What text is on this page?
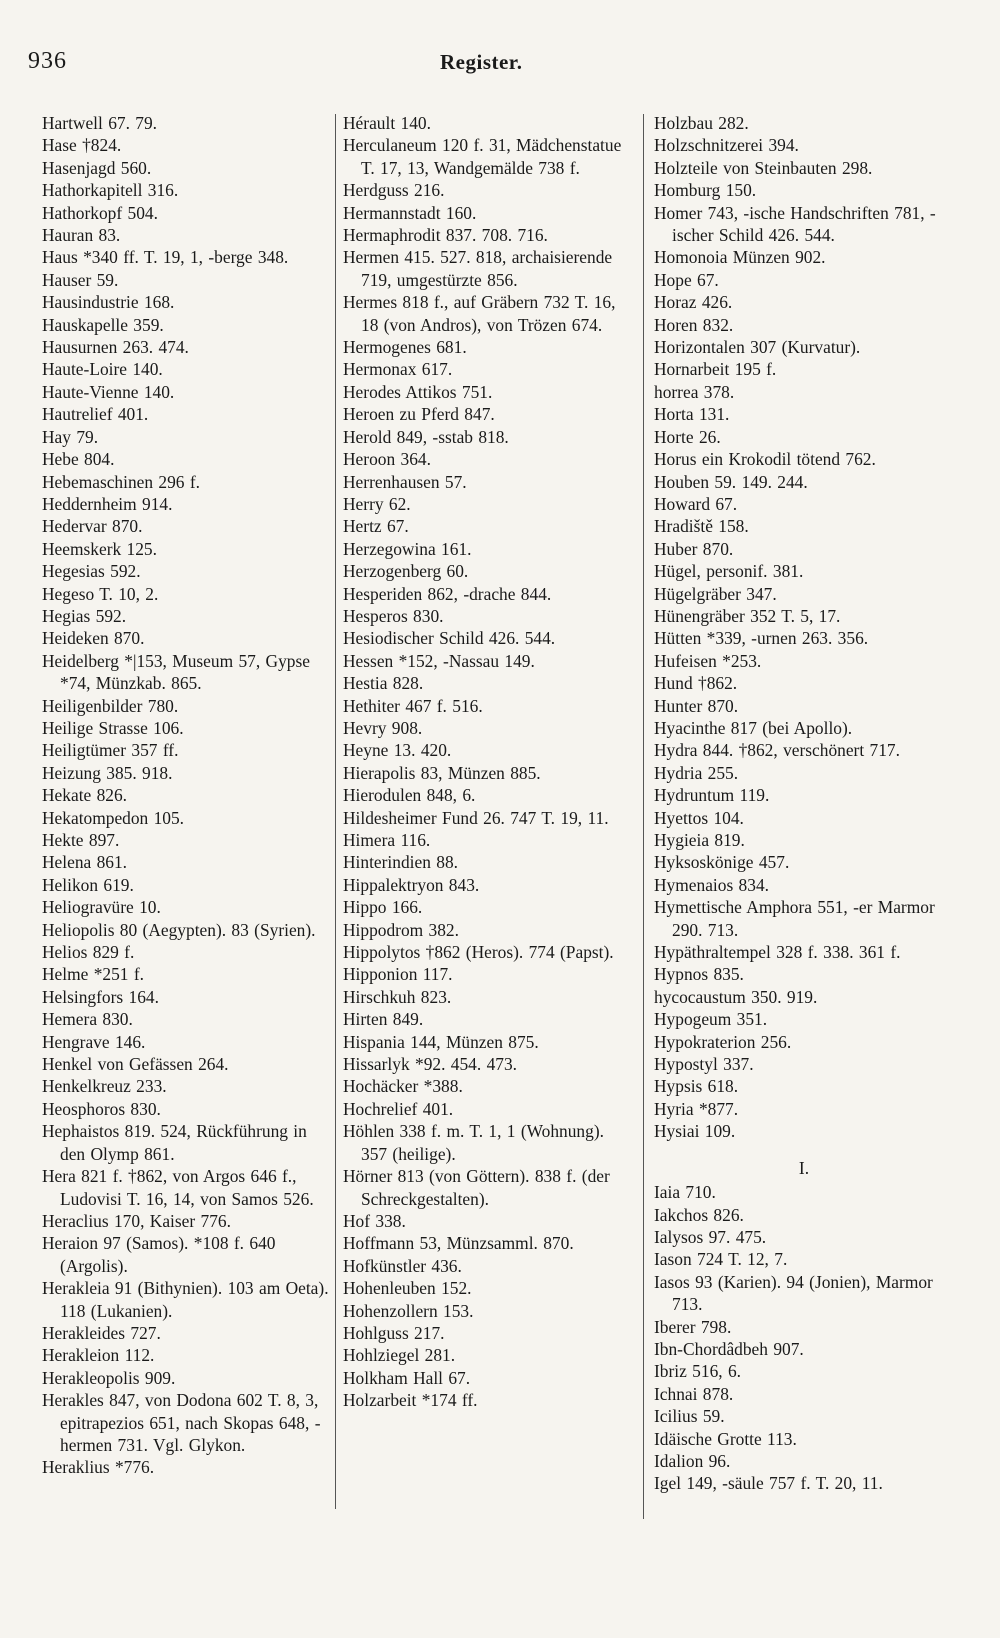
936	Register.
Hartwell 67. 79.
Hase †824.
Hasenjagd 560.
Hathorkapitell 316.
Hathorkopf 504.
Hauran 83.
Haus *340 ff. T. 19, 1, -berge 348.
Hauser 59.
Hausindustrie 168.
Hauskapelle 359.
Hausurnen 263. 474.
Haute-Loire 140.
Haute-Vienne 140.
Hautrelief 401.
Hay 79.
Hebe 804.
Hebemaschinen 296 f.
Heddernheim 914.
Hedervar 870.
Heemskerk 125.
Hegesias 592.
Hegeso T. 10, 2.
Hegias 592.
Heideken 870.
Heidelberg *|153, Museum 57, Gypse *74, Münzkab. 865.
Heiligenbilder 780.
Heilige Strasse 106.
Heiligtümer 357 ff.
Heizung 385. 918.
Hekate 826.
Hekatompedon 105.
Hekte 897.
Helena 861.
Helikon 619.
Heliogravüre 10.
Heliopolis 80 (Aegypten). 83 (Syrien).
Helios 829 f.
Helme *251 f.
Helsingfors 164.
Hemera 830.
Hengrave 146.
Henkel von Gefässen 264.
Henkelkreuz 233.
Heosphoros 830.
Hephaistos 819. 524, Rückführung in den Olymp 861.
Hera 821 f. †862, von Argos 646 f., Ludovisi T. 16, 14, von Samos 526.
Heraclius 170, Kaiser 776.
Heraion 97 (Samos). *108 f. 640 (Argolis).
Herakleia 91 (Bithynien). 103 am Oeta). 118 (Lukanien).
Herakleides 727.
Herakleion 112.
Herakleopolis 909.
Herakles 847, von Dodona 602 T. 8, 3, epitrapezios 651, nach Skopas 648, -hermen 731. Vgl. Glykon.
Heraklius *776.
Hérault 140.
Herculaneum 120 f. 31, Mädchenstatue T. 17, 13, Wandgemälde 738 f.
Herdguss 216.
Hermannstadt 160.
Hermaphrodit 837. 708. 716.
Hermen 415. 527. 818, archaisierende 719, umgestürzte 856.
Hermes 818 f., auf Gräbern 732 T. 16, 18 (von Andros), von Trözen 674.
Hermogenes 681.
Hermonax 617.
Herodes Attikos 751.
Heroen zu Pferd 847.
Herold 849, -sstab 818.
Heroon 364.
Herrenhausen 57.
Herry 62.
Hertz 67.
Herzegowina 161.
Herzogenberg 60.
Hesperiden 862, -drache 844.
Hesperos 830.
Hesiodischer Schild 426. 544.
Hessen *152, -Nassau 149.
Hestia 828.
Hethiter 467 f. 516.
Hevry 908.
Heyne 13. 420.
Hierapolis 83, Münzen 885.
Hierodulen 848, 6.
Hildesheimer Fund 26. 747 T. 19, 11.
Himera 116.
Hinterindien 88.
Hippalektryon 843.
Hippo 166.
Hippodrom 382.
Hippolytos †862 (Heros). 774 (Papst).
Hipponion 117.
Hirschkuh 823.
Hirten 849.
Hispania 144, Münzen 875.
Hissarlyk *92. 454. 473.
Hochäcker *388.
Hochrelief 401.
Höhlen 338 f. m. T. 1, 1 (Wohnung). 357 (heilige).
Hörner 813 (von Göttern). 838 f. (der Schreckgestalten).
Hof 338.
Hoffmann 53, Münzsamml. 870.
Hofkünstler 436.
Hohenleuben 152.
Hohenzollern 153.
Hohlguss 217.
Hohlziegel 281.
Holkham Hall 67.
Holzarbeit *174 ff.
Holzbau 282.
Holzschnitzerei 394.
Holzteile von Steinbauten 298.
Homburg 150.
Homer 743, -ische Handschriften 781, -ischer Schild 426. 544.
Homonoia Münzen 902.
Hope 67.
Horaz 426.
Horen 832.
Horizontalen 307 (Kurvatur).
Hornarbeit 195 f.
horrea 378.
Horta 131.
Horte 26.
Horus ein Krokodil tötend 762.
Houben 59. 149. 244.
Howard 67.
Hradiště 158.
Huber 870.
Hügel, personif. 381.
Hügelgräber 347.
Hünengräber 352 T. 5, 17.
Hütten *339, -urnen 263. 356.
Hufeisen *253.
Hund †862.
Hunter 870.
Hyacinthe 817 (bei Apollo).
Hydra 844. †862, verschönert 717.
Hydria 255.
Hydruntum 119.
Hyettos 104.
Hygieia 819.
Hyksoskönige 457.
Hymenaios 834.
Hymettische Amphora 551, -er Marmor 290. 713.
Hypäthraltempel 328 f. 338. 361 f.
Hypnos 835.
hycocaustum 350. 919.
Hypogeum 351.
Hypokraterion 256.
Hypostyl 337.
Hypsis 618.
Hyria *877.
Hysiai 109.
I.
Iaia 710.
Iakchos 826.
Ialysos 97. 475.
Iason 724 T. 12, 7.
Iasos 93 (Karien). 94 (Jonien), Marmor 713.
Iberer 798.
Ibn-Chordâdbeh 907.
Ibriz 516, 6.
Ichnai 878.
Icilius 59.
Idäische Grotte 113.
Idalion 96.
Igel 149, -säule 757 f. T. 20, 11.
